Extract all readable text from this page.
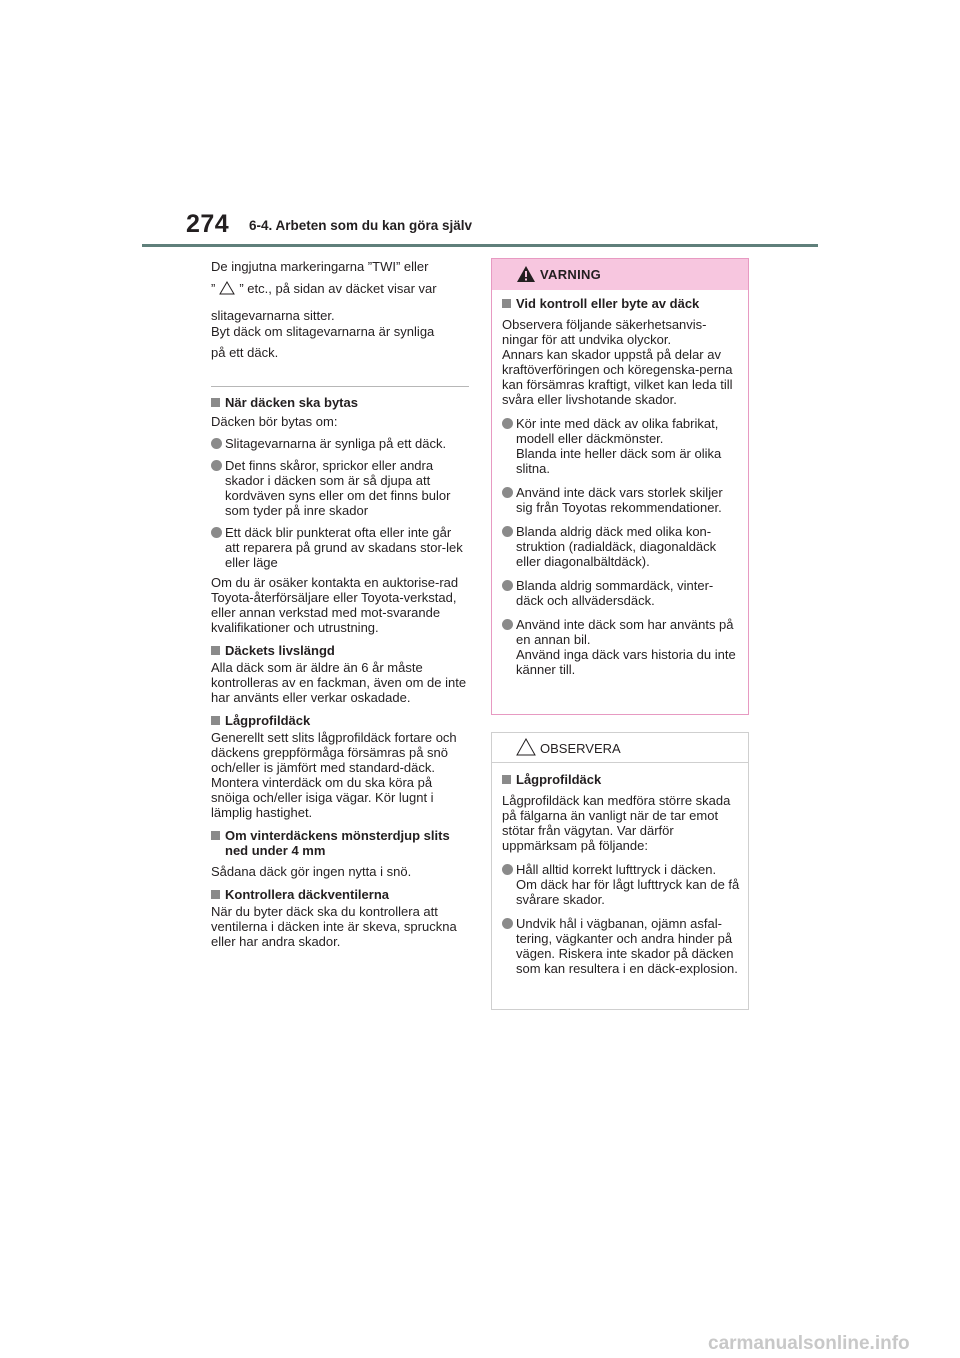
274 6-4. Arbeten som du kan göra själv
De ingjutna markeringarna ”TWI” eller
” ” etc., på sidan av däcket visar var
slitagevarnarna sitter.
Byt däck om slitagevarnarna är synliga
på ett däck.
När däcken ska bytas

Däcken bör bytas om:

Slitagevarnarna är synliga på ett däck.
Det finns skåror, sprickor eller andra skador i däcken som är så djupa att kordväven syns eller om det finns bulor som tyder på inre skador
Ett däck blir punkterat ofta eller inte går att reparera på grund av skadans stor-lek eller läge

Om du är osäker kontakta en auktorise-rad Toyota-återförsäljare eller Toyota-verkstad, eller annan verkstad med mot-svarande kvalifikationer och utrustning.

Däckets livslängd

Alla däck som är äldre än 6 år måste kontrolleras av en fackman, även om de inte har använts eller verkar oskadade.

Lågprofildäck

Generellt sett slits lågprofildäck fortare och däckens greppförmåga försämras på snö och/eller is jämfört med standard-däck. Montera vinterdäck om du ska köra på snöiga och/eller isiga vägar. Kör lugnt i lämplig hastighet.

Om vinterdäckens mönsterdjup slits ned under 4 mm

Sådana däck gör ingen nytta i snö.

Kontrollera däckventilerna

När du byter däck ska du kontrollera att ventilerna i däcken inte är skeva, spruckna eller har andra skador.

VARNING
Vid kontroll eller byte av däck

Observera följande säkerhetsanvis-ningar för att undvika olyckor.

Annars kan skador uppstå på delar av kraftöverföringen och köregenska-perna kan försämras kraftigt, vilket kan leda till svåra eller livshotande skador.

Kör inte med däck av olika fabrikat, modell eller däckmönster.
Blanda inte heller däck som är olika slitna.
Använd inte däck vars storlek skiljer sig från Toyotas rekommendationer.
Blanda aldrig däck med olika kon-struktion (radialdäck, diagonaldäck eller diagonalbältdäck).
Blanda aldrig sommardäck, vinter-däck och allvädersdäck.
Använd inte däck som har använts på en annan bil.
Använd inga däck vars historia du inte känner till.
OBSERVERA
Lågprofildäck

Lågprofildäck kan medföra större skada på fälgarna än vanligt när de tar emot stötar från vägytan. Var därför uppmärksam på följande:

Håll alltid korrekt lufttryck i däcken. Om däck har för lågt lufttryck kan de få svårare skador.
Undvik hål i vägbanan, ojämn asfal-tering, vägkanter och andra hinder på vägen. Riskera inte skador på däcken som kan resultera i en däck-explosion.
carmanualsonline.info
